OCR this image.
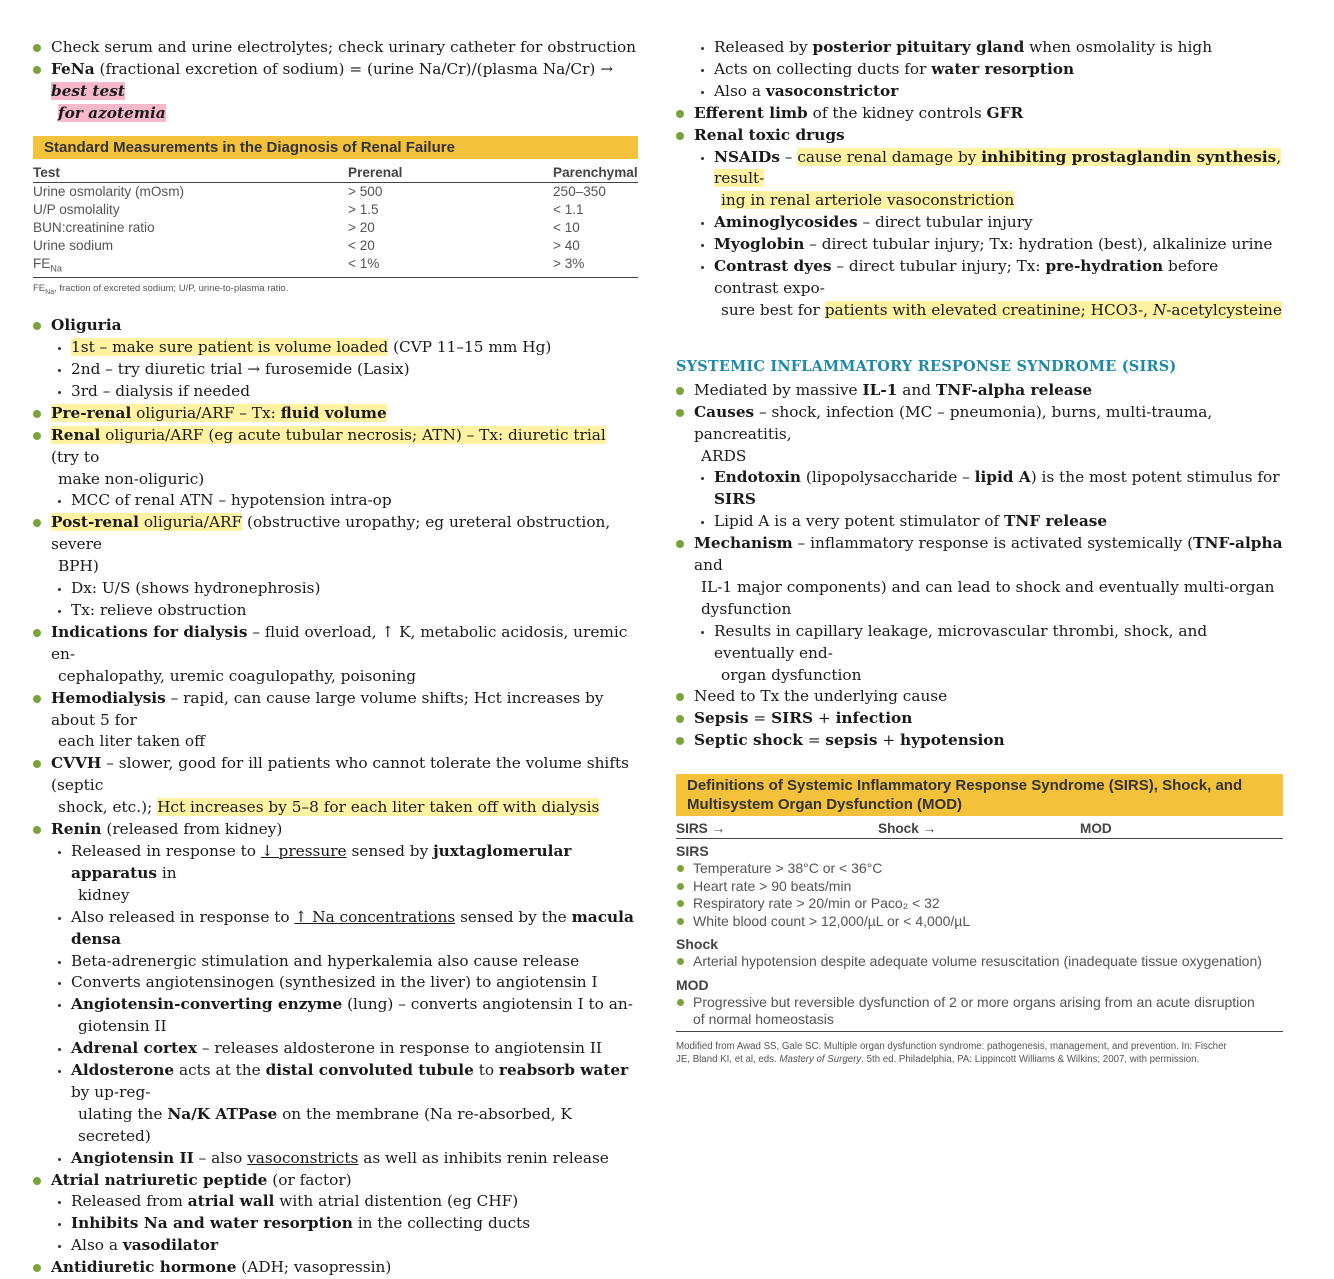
Check serum and urine electrolytes; check urinary catheter for obstruction
FeNa (fractional excretion of sodium) = (urine Na/Cr)/(plasma Na/Cr) → best test
for azotemia
Standard Measurements in the Diagnosis of Renal Failure
Test	Prerenal	Parenchymal
Urine osmolarity (mOsm)	> 500	250–350
U/P osmolality	> 1.5	< 1.1
BUN:creatinine ratio	> 20	< 10
Urine sodium	< 20	> 40
$FE_{Na}$	< 1%	> 3%
$FE_{Na}$, fraction of excreted sodium; U/P, urine-to-plasma ratio.
Oliguria
1st – make sure patient is volume loaded (CVP 11–15 mm Hg)
2nd – try diuretic trial → furosemide (Lasix)
3rd – dialysis if needed
Pre-renal oliguria/ARF – Tx: fluid volume
Renal oliguria/ARF (eg acute tubular necrosis; ATN) – Tx: diuretic trial (try to
make non-oliguric)
MCC of renal ATN – hypotension intra-op
Post-renal oliguria/ARF (obstructive uropathy; eg ureteral obstruction, severe
BPH)
Dx: U/S (shows hydronephrosis)
Tx: relieve obstruction
Indications for dialysis – fluid overload, ↑ K, metabolic acidosis, uremic en-
cephalopathy, uremic coagulopathy, poisoning
Hemodialysis – rapid, can cause large volume shifts; Hct increases by about 5 for
each liter taken off
CVVH – slower, good for ill patients who cannot tolerate the volume shifts (septic
shock, etc.); Hct increases by 5–8 for each liter taken off with dialysis
Renin (released from kidney)
Released in response to ↓ pressure sensed by juxtaglomerular apparatus in
kidney
Also released in response to ↑ Na concentrations sensed by the macula densa
Beta-adrenergic stimulation and hyperkalemia also cause release
Converts angiotensinogen (synthesized in the liver) to angiotensin I
Angiotensin-converting enzyme (lung) – converts angiotensin I to an-
giotensin II
Adrenal cortex – releases aldosterone in response to angiotensin II
Aldosterone acts at the distal convoluted tubule to reabsorb water by up-reg-
ulating the Na/K ATPase on the membrane (Na re-absorbed, K secreted)
Angiotensin II – also vasoconstricts as well as inhibits renin release
Atrial natriuretic peptide (or factor)
Released from atrial wall with atrial distention (eg CHF)
Inhibits Na and water resorption in the collecting ducts
Also a vasodilator
Antidiuretic hormone (ADH; vasopressin)
Released by posterior pituitary gland when osmolality is high
Acts on collecting ducts for water resorption
Also a vasoconstrictor
Efferent limb of the kidney controls GFR
Renal toxic drugs
NSAIDs – cause renal damage by inhibiting prostaglandin synthesis, result-
ing in renal arteriole vasoconstriction
Aminoglycosides – direct tubular injury
Myoglobin – direct tubular injury; Tx: hydration (best), alkalinize urine
Contrast dyes – direct tubular injury; Tx: pre-hydration before contrast expo-
sure best for patients with elevated creatinine; HCO3-, N-acetylcysteine
SYSTEMIC INFLAMMATORY RESPONSE SYNDROME (SIRS)
Mediated by massive IL-1 and TNF-alpha release
Causes – shock, infection (MC – pneumonia), burns, multi-trauma, pancreatitis,
ARDS
Endotoxin (lipopolysaccharide – lipid A) is the most potent stimulus for SIRS
Lipid A is a very potent stimulator of TNF release
Mechanism – inflammatory response is activated systemically (TNF-alpha and
IL-1 major components) and can lead to shock and eventually multi-organ
dysfunction
Results in capillary leakage, microvascular thrombi, shock, and eventually end-
organ dysfunction
Need to Tx the underlying cause
Sepsis = SIRS + infection
Septic shock = sepsis + hypotension
Definitions of Systemic Inflammatory Response Syndrome (SIRS), Shock, and
Multisystem Organ Dysfunction (MOD)
SIRS →	Shock →	MOD
SIRS
Temperature > 38°C or < 36°C
Heart rate > 90 beats/min
Respiratory rate > 20/min or Paco₂ < 32
White blood count > 12,000/µL or < 4,000/µL
Shock
Arterial hypotension despite adequate volume resuscitation (inadequate tissue oxygenation)
MOD
Progressive but reversible dysfunction of 2 or more organs arising from an acute disruption
of normal homeostasis
Modified from Awad SS, Gale SC. Multiple organ dysfunction syndrome: pathogenesis, management, and prevention. In: Fischer
JE, Bland KI, et al, eds. Mastery of Surgery. 5th ed. Philadelphia, PA: Lippincott Williams & Wilkins; 2007, with permission.
